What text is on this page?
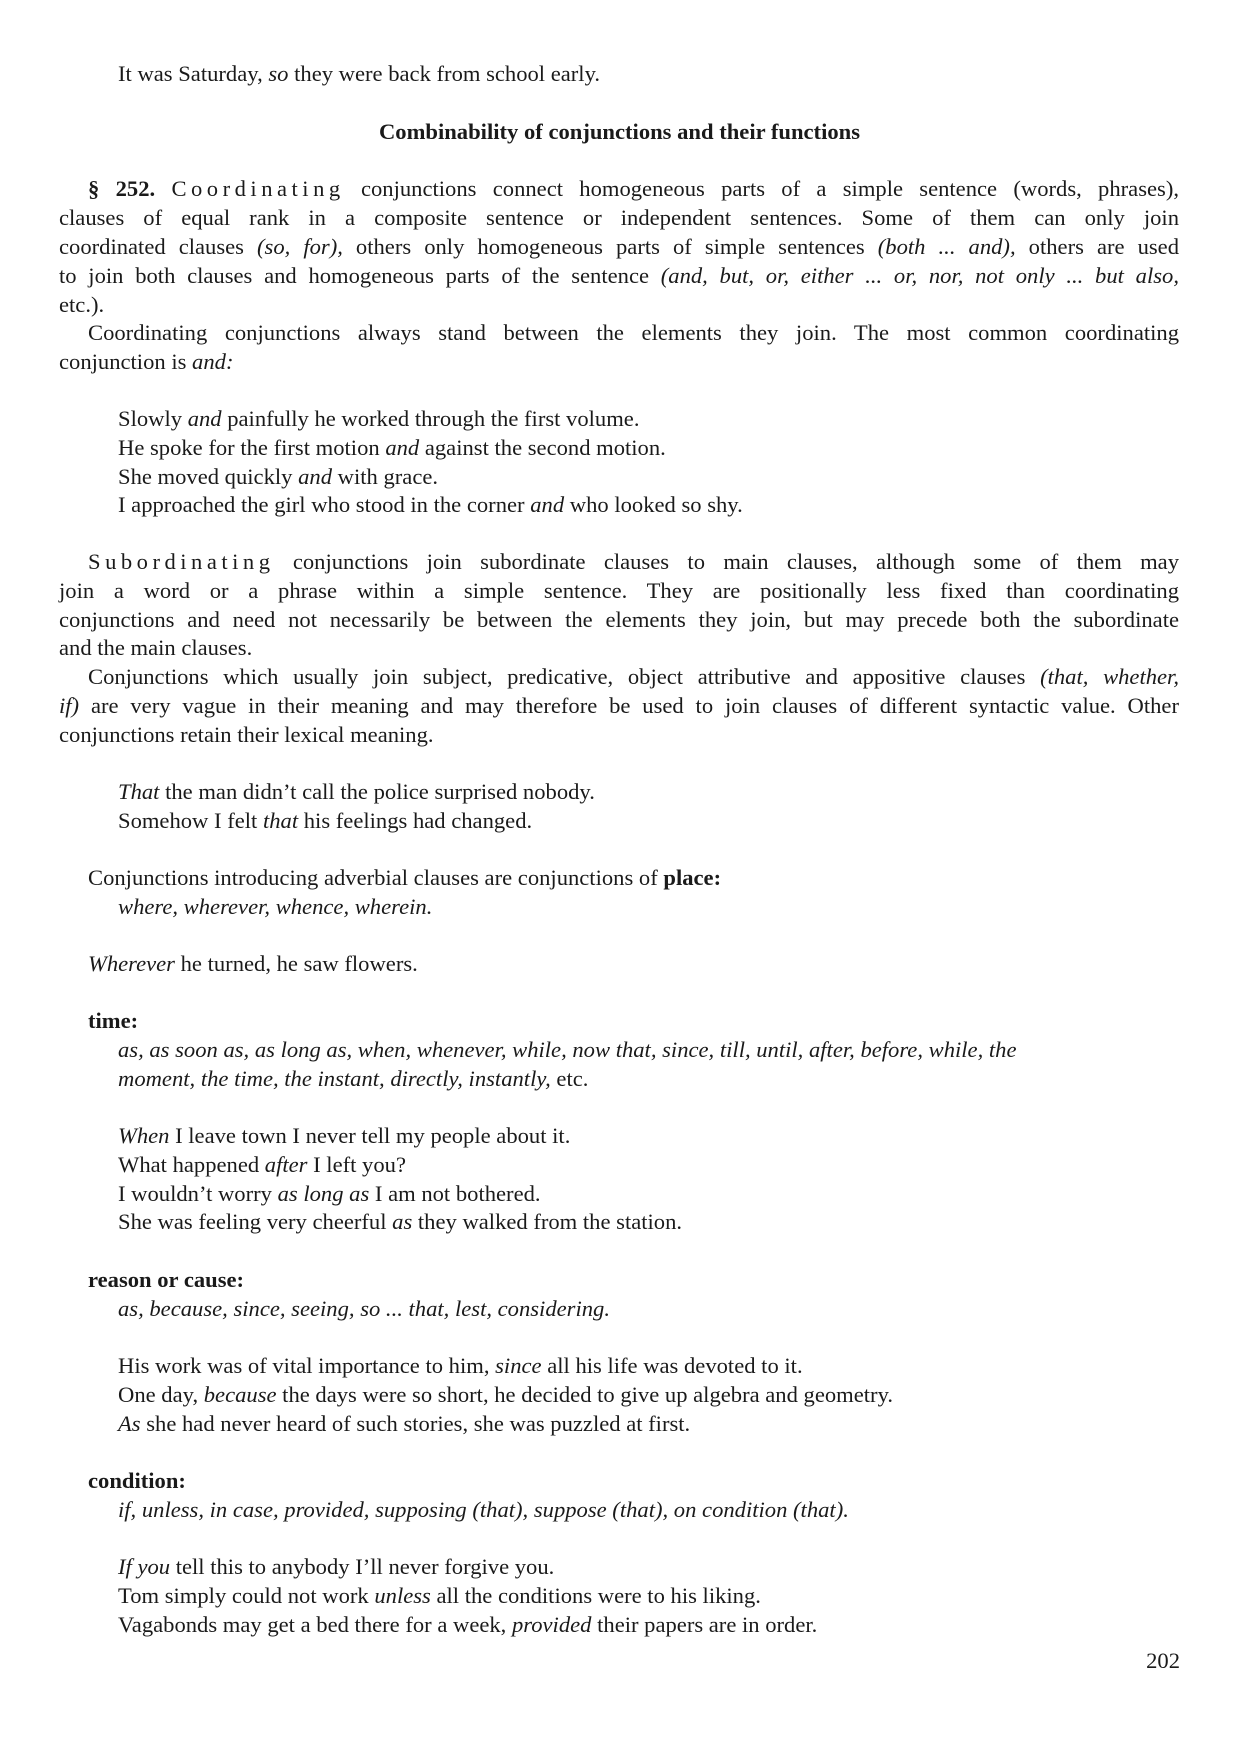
It was Saturday, so they were back from school early.
Combinability of conjunctions and their functions
§ 252. Coordinating conjunctions connect homogeneous parts of a simple sentence (words, phrases),
clauses of equal rank in a composite sentence or independent sentences. Some of them can only join
coordinated clauses (so, for), others only homogeneous parts of simple sentences (both ... and), others are used
to join both clauses and homogeneous parts of the sentence (and, but, or, either ... or, nor, not only ... but also,
etc.).
Coordinating conjunctions always stand between the elements they join. The most common coordinating
conjunction is and:
Slowly and painfully he worked through the first volume.
He spoke for the first motion and against the second motion.
She moved quickly and with grace.
I approached the girl who stood in the corner and who looked so shy.
Subordinating conjunctions join subordinate clauses to main clauses, although some of them may
join a word or a phrase within a simple sentence. They are positionally less fixed than coordinating
conjunctions and need not necessarily be between the elements they join, but may precede both the subordinate
and the main clauses.
Conjunctions which usually join subject, predicative, object attributive and appositive clauses (that, whether,
if) are very vague in their meaning and may therefore be used to join clauses of different syntactic value. Other
conjunctions retain their lexical meaning.
That the man didn’t call the police surprised nobody.
Somehow I felt that his feelings had changed.
Conjunctions introducing adverbial clauses are conjunctions of place:
where, wherever, whence, wherein.
Wherever he turned, he saw flowers.
time:
as, as soon as, as long as, when, whenever, while, now that, since, till, until, after, before, while, the
moment, the time, the instant, directly, instantly, etc.
When I leave town I never tell my people about it.
What happened after I left you?
I wouldn’t worry as long as I am not bothered.
She was feeling very cheerful as they walked from the station.
reason or cause:
as, because, since, seeing, so ... that, lest, considering.
His work was of vital importance to him, since all his life was devoted to it.
One day, because the days were so short, he decided to give up algebra and geometry.
As she had never heard of such stories, she was puzzled at first.
condition:
if, unless, in case, provided, supposing (that), suppose (that), on condition (that).
If you tell this to anybody I’ll never forgive you.
Tom simply could not work unless all the conditions were to his liking.
Vagabonds may get a bed there for a week, provided their papers are in order.
202
